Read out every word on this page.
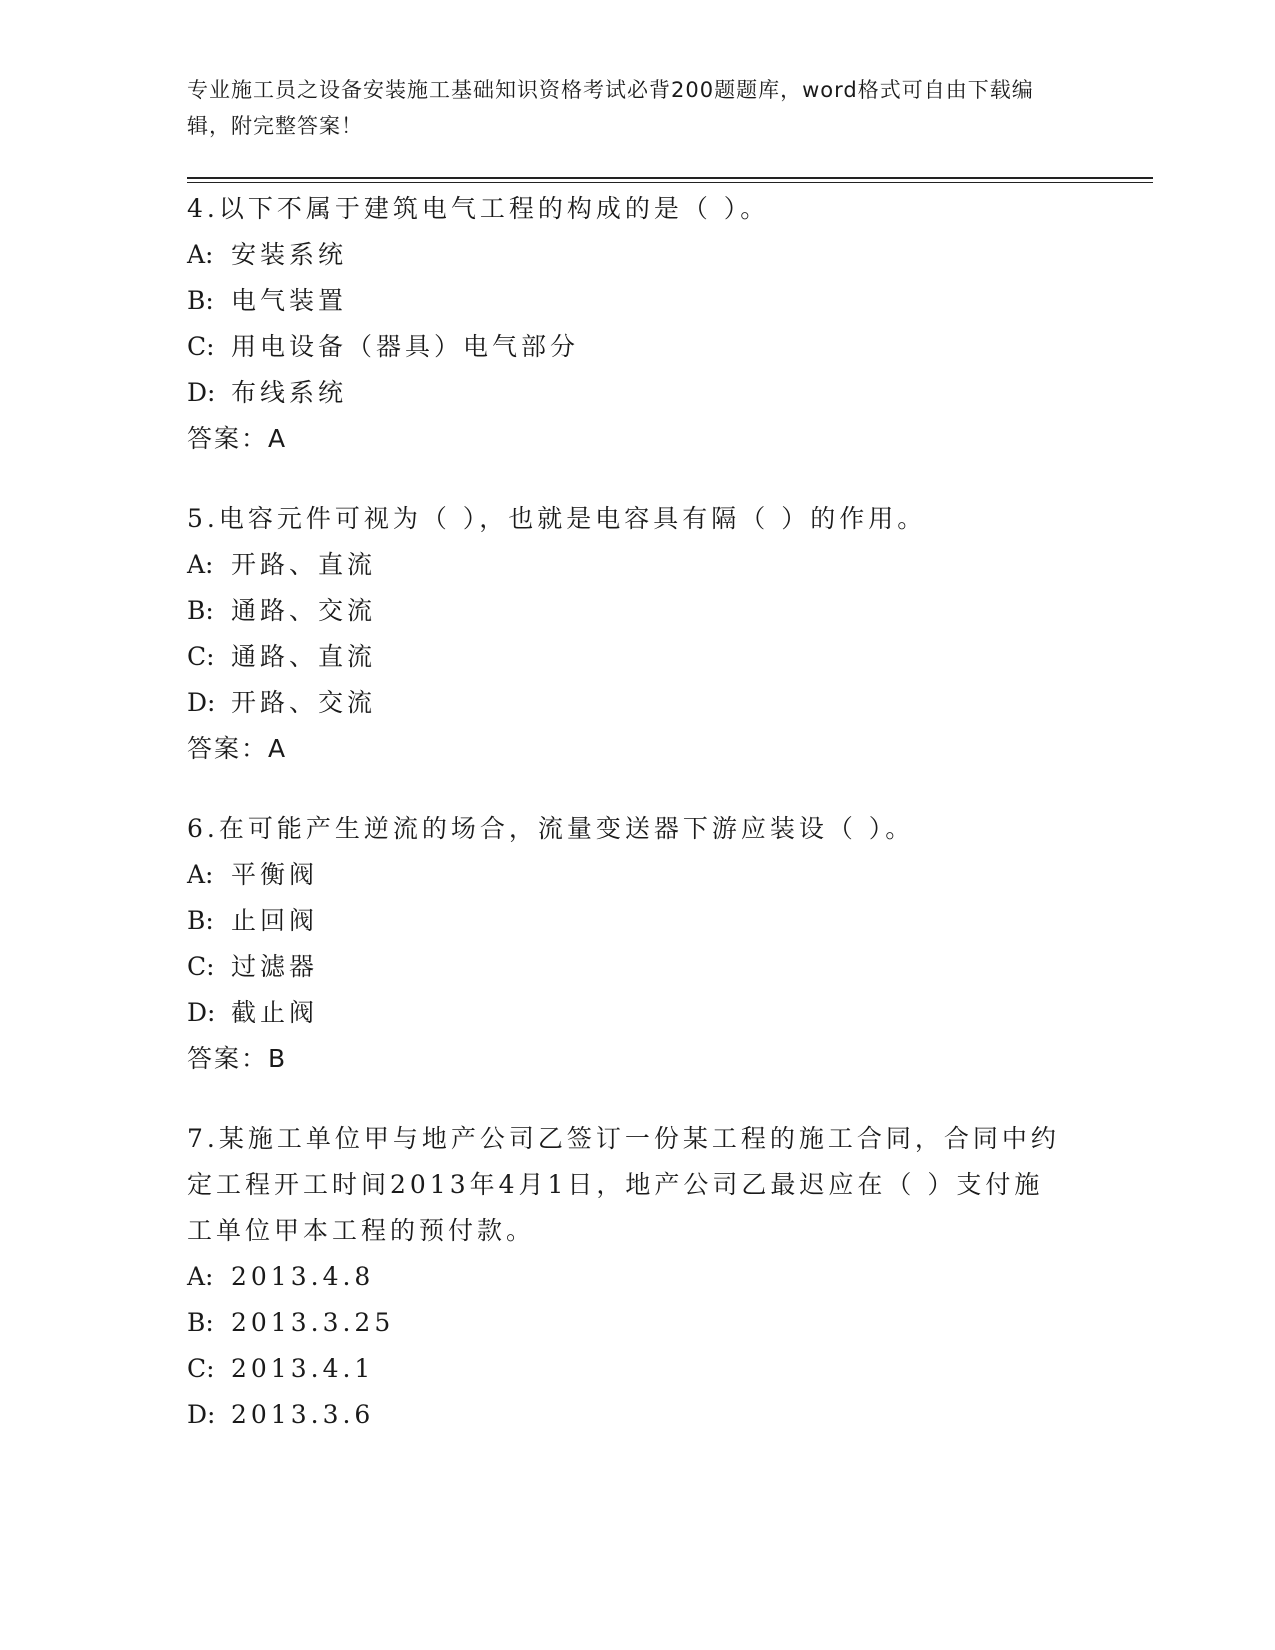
专业施工员之设备安装施工基础知识资格考试必背200题题库，word格式可自由下载编辑，附完整答案！
4.以下不属于建筑电气工程的构成的是（ ）。
A: 安装系统
B: 电气装置
C: 用电设备（器具）电气部分
D: 布线系统
答案：A
5.电容元件可视为（ ），也就是电容具有隔（ ）的作用。
A: 开路、直流
B: 通路、交流
C: 通路、直流
D: 开路、交流
答案：A
6.在可能产生逆流的场合，流量变送器下游应装设（ ）。
A: 平衡阀
B: 止回阀
C: 过滤器
D: 截止阀
答案：B
7.某施工单位甲与地产公司乙签订一份某工程的施工合同，合同中约定工程开工时间2013年4月1日，地产公司乙最迟应在（ ）支付施工单位甲本工程的预付款。
A: 2013.4.8
B: 2013.3.25
C: 2013.4.1
D: 2013.3.6
